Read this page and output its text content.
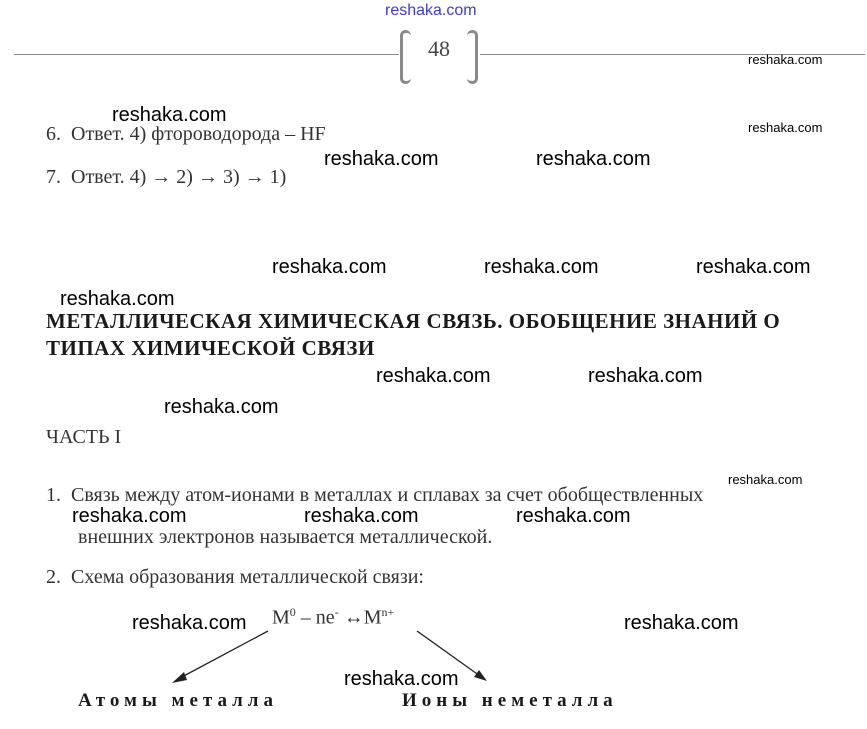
reshaka.com
48
6. Ответ. 4) фтороводорода – HF
7. Ответ. 4) → 2) → 3) → 1)
МЕТАЛЛИЧЕСКАЯ ХИМИЧЕСКАЯ СВЯЗЬ. ОБОБЩЕНИЕ ЗНАНИЙ О
ТИПАХ ХИМИЧЕСКОЙ СВЯЗИ
ЧАСТЬ I
1. Связь между атом-ионами в металлах и сплавах за счет обобществленных
внешних электронов называется металлической.
2. Схема образования металлической связи:
$M^0 - ne^-$ $\leftrightarrow M^{n+}$
Атомы металла	Ионы неметалла
reshaka.com
reshaka.com
reshaka.com
reshaka.com	reshaka.com
reshaka.com	reshaka.com	reshaka.com
reshaka.com
reshaka.com	reshaka.com
reshaka.com
reshaka.com
reshaka.com	reshaka.com	reshaka.com
reshaka.com	reshaka.com
reshaka.com
